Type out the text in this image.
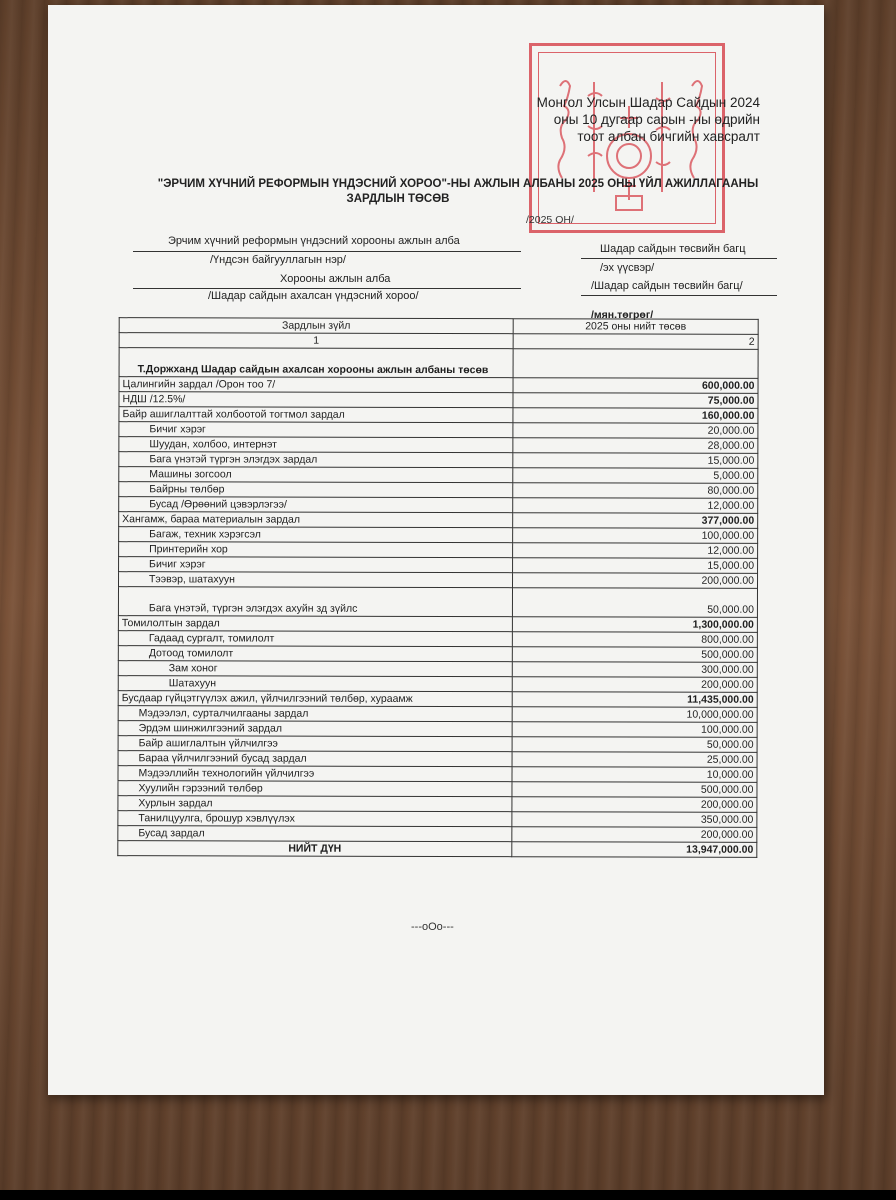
Монгол Улсын Шадар Сайдын 2024
оны 10 дугаар сарын -ны өдрийн
тоот албан бичгийн хавсралт
"ЭРЧИМ ХҮЧНИЙ РЕФОРМЫН ҮНДЭСНИЙ ХОРОО"-НЫ АЖЛЫН АЛБАНЫ 2025 ОНЫ ҮЙЛ АЖИЛЛАГААНЫ
ЗАРДЛЫН ТӨСӨВ
/2025 ОН/
Эрчим хүчний реформын үндэсний хорооны ажлын алба
/Үндсэн байгууллагын нэр/
Шадар сайдын төсвийн багц
/эх үүсвэр/
Хорооны ажлын алба
/Шадар сайдын ахалсан үндэсний хороо/
/Шадар сайдын төсвийн багц/
/мян.төгрөг/
Зардлын зүйл	2025 оны нийт төсөв
1	2
Т.Доржханд Шадар сайдын ахалсан хорооны ажлын албаны төсөв	
Цалингийн зардал /Орон тоо 7/	600,000.00
НДШ /12.5%/	75,000.00
Байр ашиглалттай холбоотой тогтмол зардал	160,000.00
Бичиг хэрэг	20,000.00
Шуудан, холбоо, интернэт	28,000.00
Бага үнэтэй түргэн элэгдэх зардал	15,000.00
Машины зогсоол	5,000.00
Байрны төлбөр	80,000.00
Бусад /Өрөөний цэвэрлэгээ/	12,000.00
Хангамж, бараа материалын зардал	377,000.00
Багаж, техник хэрэгсэл	100,000.00
Принтерийн хор	12,000.00
Бичиг хэрэг	15,000.00
Тээвэр, шатахуун	200,000.00
Бага үнэтэй, түргэн элэгдэх ахуйн зд зүйлс	50,000.00
Томилолтын зардал	1,300,000.00
Гадаад сургалт, томилолт	800,000.00
Дотоод томилолт	500,000.00
Зам хоног	300,000.00
Шатахуун	200,000.00
Бусдаар гүйцэтгүүлэх ажил, үйлчилгээний төлбөр, хураамж	11,435,000.00
Мэдээлэл, сурталчилгааны зардал	10,000,000.00
Эрдэм шинжилгээний зардал	100,000.00
Байр ашиглалтын үйлчилгээ	50,000.00
Бараа үйлчилгээний бусад зардал	25,000.00
Мэдээллийн технологийн үйлчилгээ	10,000.00
Хуулийн гэрээний төлбөр	500,000.00
Хурлын зардал	200,000.00
Танилцуулга, брошур хэвлүүлэх	350,000.00
Бусад зардал	200,000.00
НИЙТ ДҮН	13,947,000.00
---oOo---
